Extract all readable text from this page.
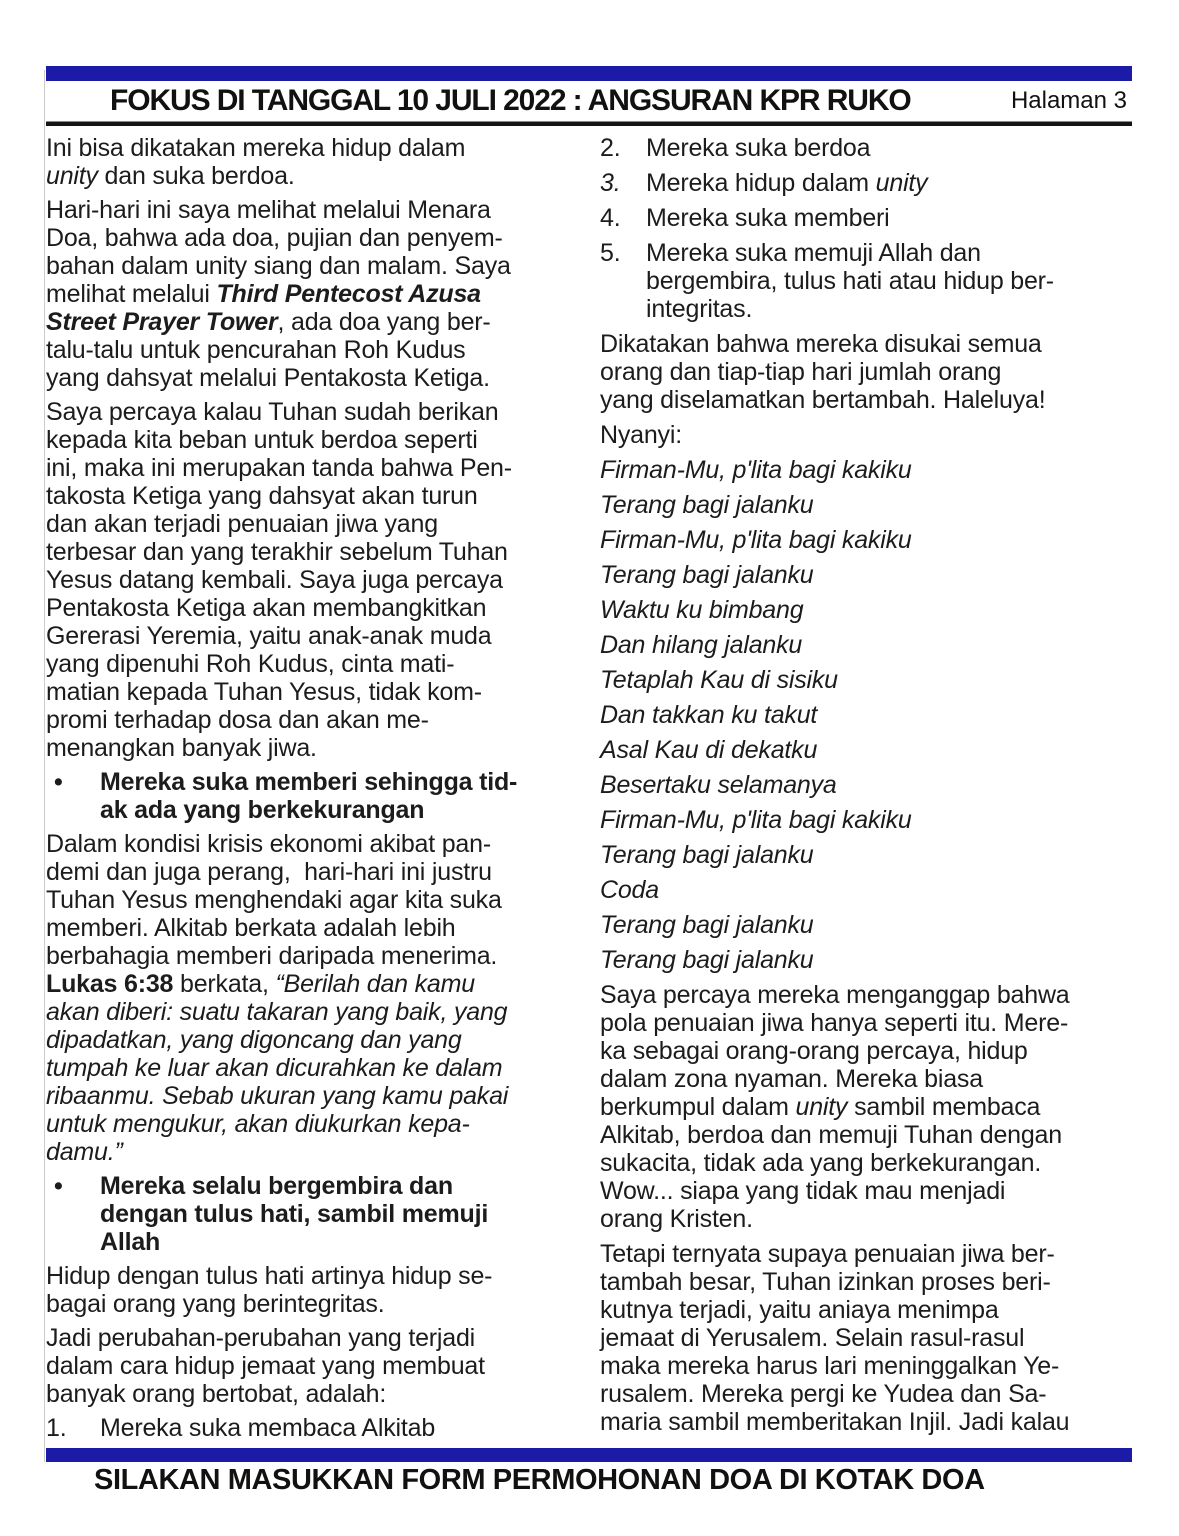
FOKUS DI TANGGAL 10 JULI 2022 : ANGSURAN KPR RUKO	Halaman 3
Ini bisa dikatakan mereka hidup dalam
unity dan suka berdoa.
Hari-hari ini saya melihat melalui Menara
Doa, bahwa ada doa, pujian dan penyem-
bahan dalam unity siang dan malam. Saya
melihat melalui Third Pentecost Azusa
Street Prayer Tower, ada doa yang ber-
talu-talu untuk pencurahan Roh Kudus
yang dahsyat melalui Pentakosta Ketiga.
Saya percaya kalau Tuhan sudah berikan
kepada kita beban untuk berdoa seperti
ini, maka ini merupakan tanda bahwa Pen-
takosta Ketiga yang dahsyat akan turun
dan akan terjadi penuaian jiwa yang
terbesar dan yang terakhir sebelum Tuhan
Yesus datang kembali. Saya juga percaya
Pentakosta Ketiga akan membangkitkan
Gererasi Yeremia, yaitu anak-anak muda
yang dipenuhi Roh Kudus, cinta mati-
matian kepada Tuhan Yesus, tidak kom-
promi terhadap dosa dan akan me-
menangkan banyak jiwa.
•	Mereka suka memberi sehingga tid-
ak ada yang berkekurangan
Dalam kondisi krisis ekonomi akibat pan-
demi dan juga perang,  hari-hari ini justru
Tuhan Yesus menghendaki agar kita suka
memberi. Alkitab berkata adalah lebih
berbahagia memberi daripada menerima.
Lukas 6:38 berkata, “Berilah dan kamu
akan diberi: suatu takaran yang baik, yang
dipadatkan, yang digoncang dan yang
tumpah ke luar akan dicurahkan ke dalam
ribaanmu. Sebab ukuran yang kamu pakai
untuk mengukur, akan diukurkan kepa-
damu.”
•	Mereka selalu bergembira dan
dengan tulus hati, sambil memuji
Allah
Hidup dengan tulus hati artinya hidup se-
bagai orang yang berintegritas.
Jadi perubahan-perubahan yang terjadi
dalam cara hidup jemaat yang membuat
banyak orang bertobat, adalah:
1.	Mereka suka membaca Alkitab
2.	Mereka suka berdoa
3.	Mereka hidup dalam unity
4.	Mereka suka memberi
5.	Mereka suka memuji Allah dan
bergembira, tulus hati atau hidup ber-
integritas.
Dikatakan bahwa mereka disukai semua
orang dan tiap-tiap hari jumlah orang
yang diselamatkan bertambah. Haleluya!
Nyanyi:
Firman-Mu, p'lita bagi kakiku
Terang bagi jalanku
Firman-Mu, p'lita bagi kakiku
Terang bagi jalanku
Waktu ku bimbang
Dan hilang jalanku
Tetaplah Kau di sisiku
Dan takkan ku takut
Asal Kau di dekatku
Besertaku selamanya
Firman-Mu, p'lita bagi kakiku
Terang bagi jalanku
Coda
Terang bagi jalanku
Terang bagi jalanku
Saya percaya mereka menganggap bahwa
pola penuaian jiwa hanya seperti itu. Mere-
ka sebagai orang-orang percaya, hidup
dalam zona nyaman. Mereka biasa
berkumpul dalam unity sambil membaca
Alkitab, berdoa dan memuji Tuhan dengan
sukacita, tidak ada yang berkekurangan.
Wow... siapa yang tidak mau menjadi
orang Kristen.
Tetapi ternyata supaya penuaian jiwa ber-
tambah besar, Tuhan izinkan proses beri-
kutnya terjadi, yaitu aniaya menimpa
jemaat di Yerusalem. Selain rasul-rasul
maka mereka harus lari meninggalkan Ye-
rusalem. Mereka pergi ke Yudea dan Sa-
maria sambil memberitakan Injil. Jadi kalau
SILAKAN MASUKKAN FORM PERMOHONAN DOA DI KOTAK DOA
